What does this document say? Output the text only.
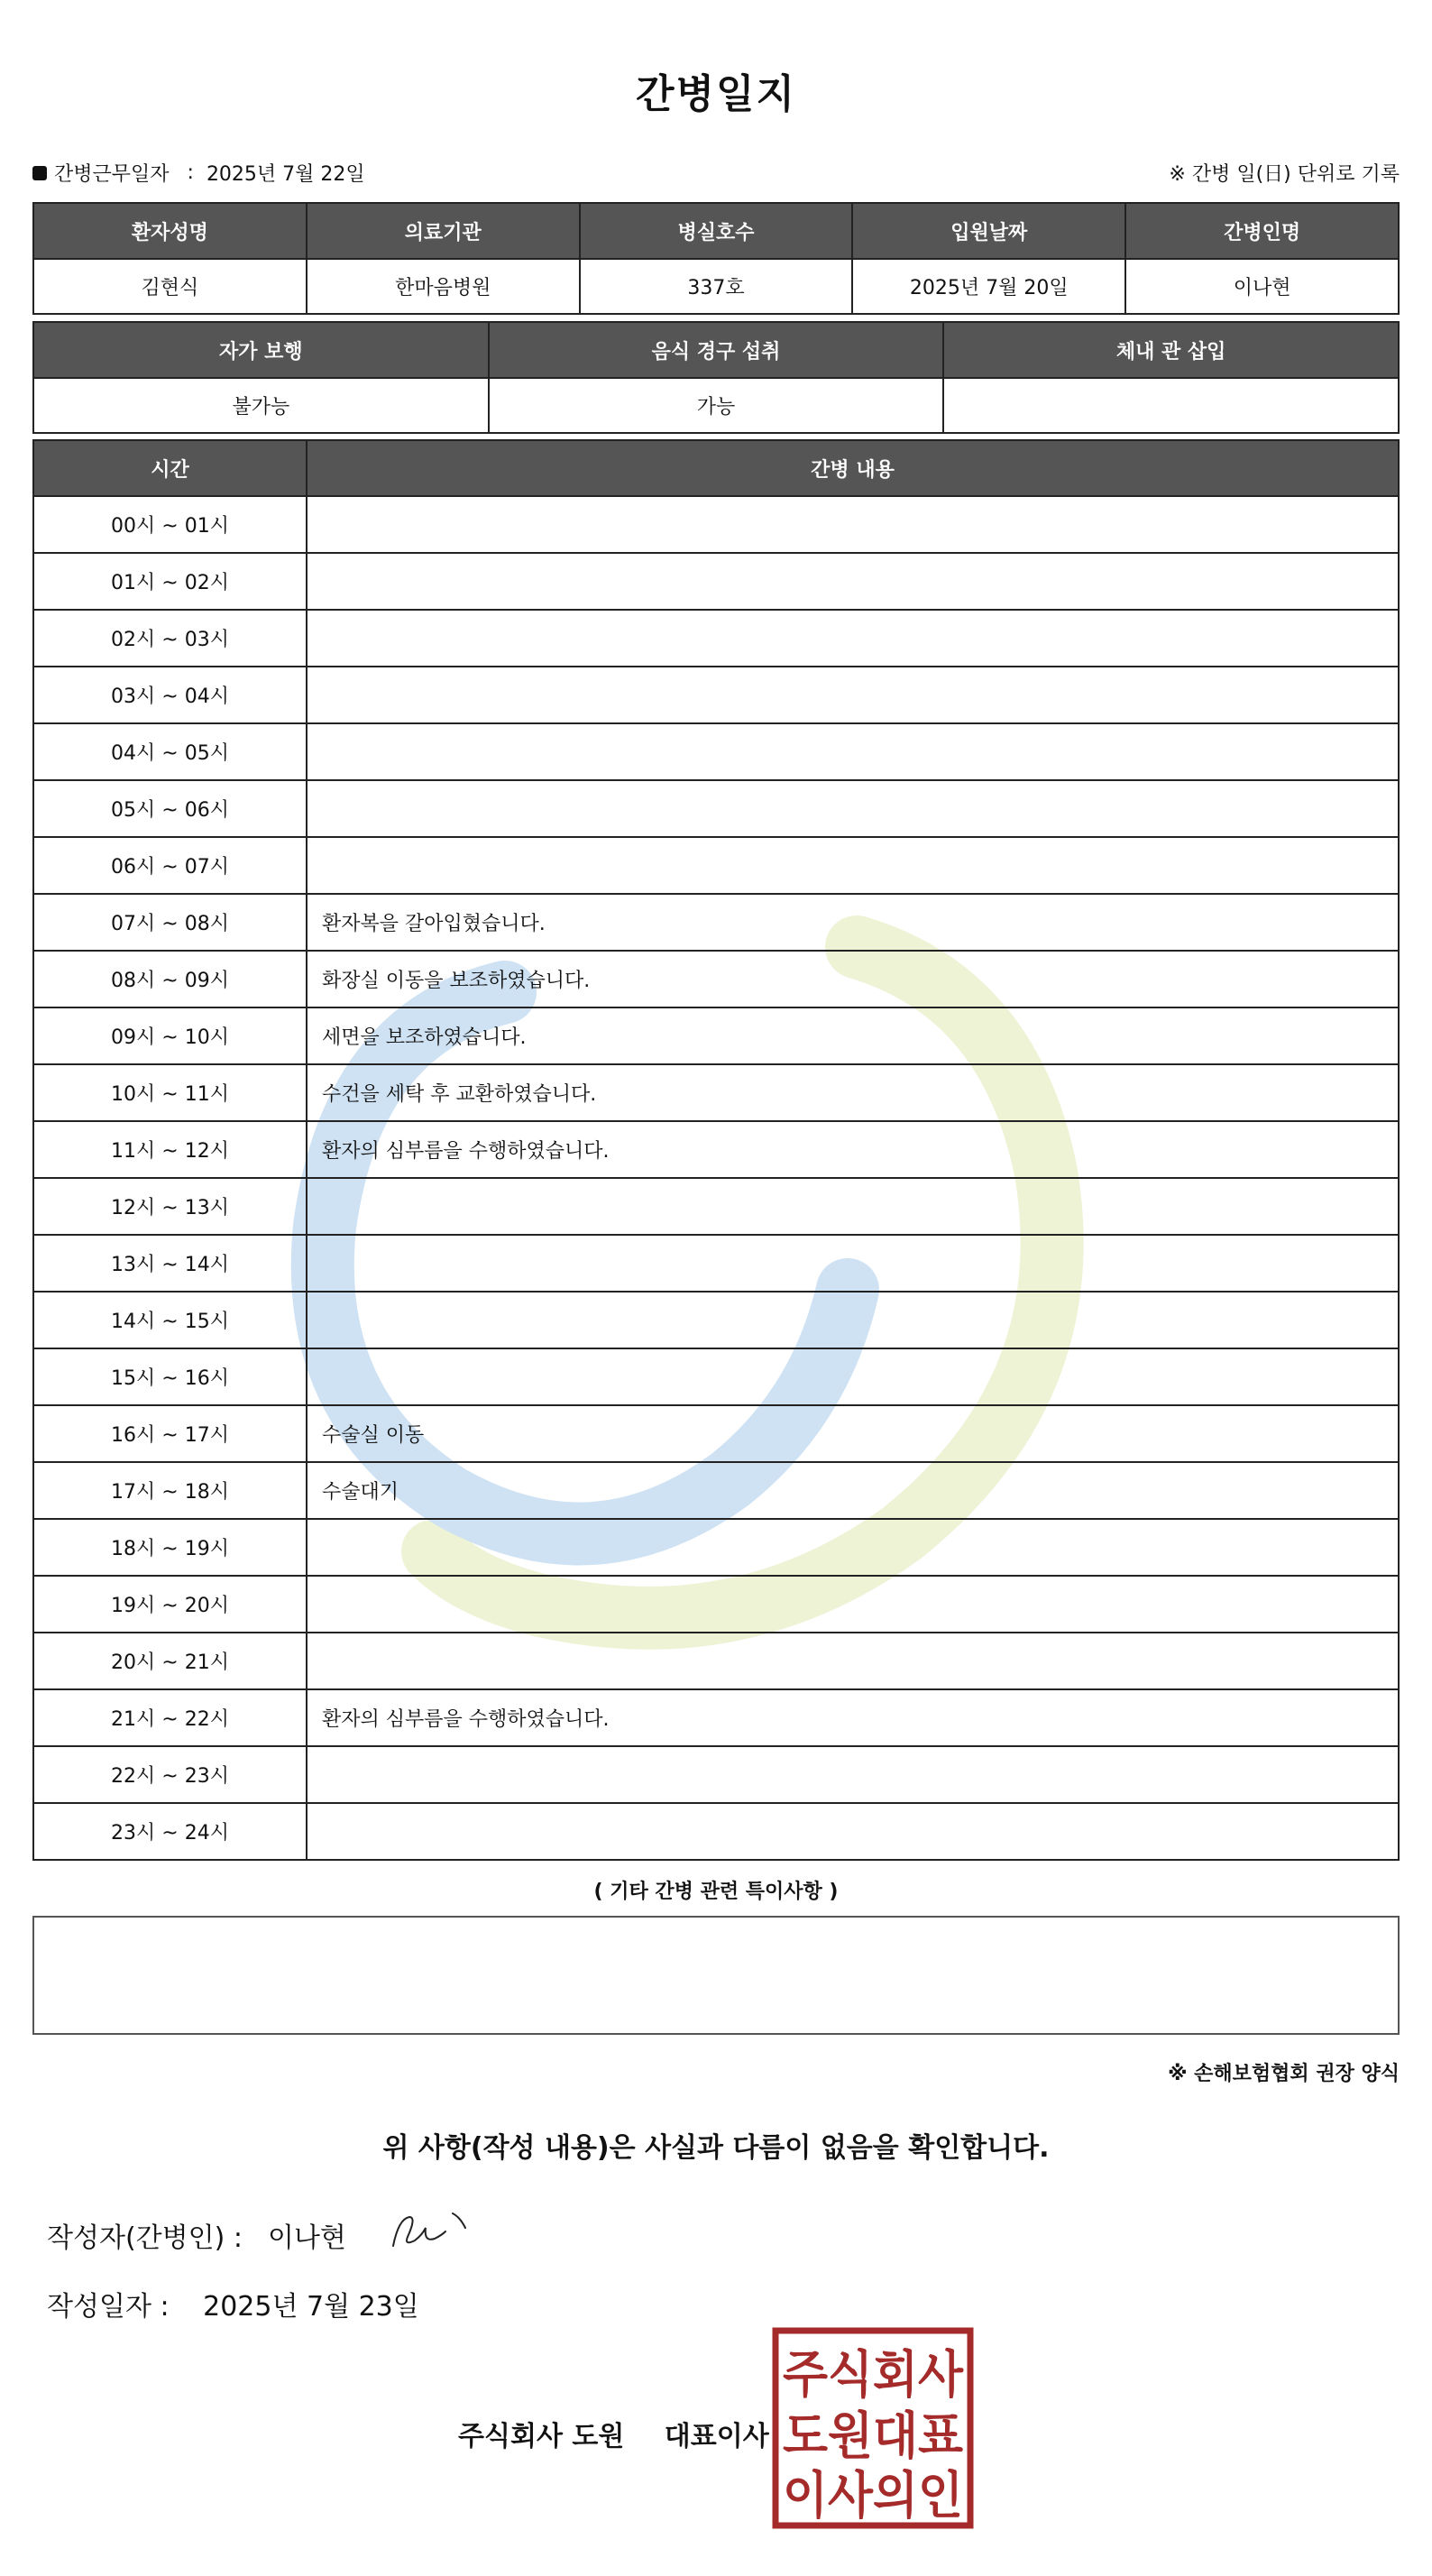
간병일지
간병근무일자 : 2025년 7월 22일	※ 간병 일(日) 단위로 기록
환자성명	의료기관	병실호수	입원날짜	간병인명
김현식	한마음병원	337호	2025년 7월 20일	이나현
자가 보행	음식 경구 섭취	체내 관 삽입
불가능	가능	
시간	간병 내용
00시 ~ 01시	
01시 ~ 02시	
02시 ~ 03시	
03시 ~ 04시	
04시 ~ 05시	
05시 ~ 06시	
06시 ~ 07시	
07시 ~ 08시	환자복을 갈아입혔습니다.
08시 ~ 09시	화장실 이동을 보조하였습니다.
09시 ~ 10시	세면을 보조하였습니다.
10시 ~ 11시	수건을 세탁 후 교환하였습니다.
11시 ~ 12시	환자의 심부름을 수행하였습니다.
12시 ~ 13시	
13시 ~ 14시	
14시 ~ 15시	
15시 ~ 16시	
16시 ~ 17시	수술실 이동
17시 ~ 18시	수술대기
18시 ~ 19시	
19시 ~ 20시	
20시 ~ 21시	
21시 ~ 22시	환자의 심부름을 수행하였습니다.
22시 ~ 23시	
23시 ~ 24시	
( 기타 간병 관련 특이사항 )
※ 손해보험협회 권장 양식
위 사항(작성 내용)은 사실과 다름이 없음을 확인합니다.
작성자(간병인) : 이나현
작성일자 : 2025년 7월 23일
주식회사 도원 대표이사
주식회사
도원대표
이사의인
